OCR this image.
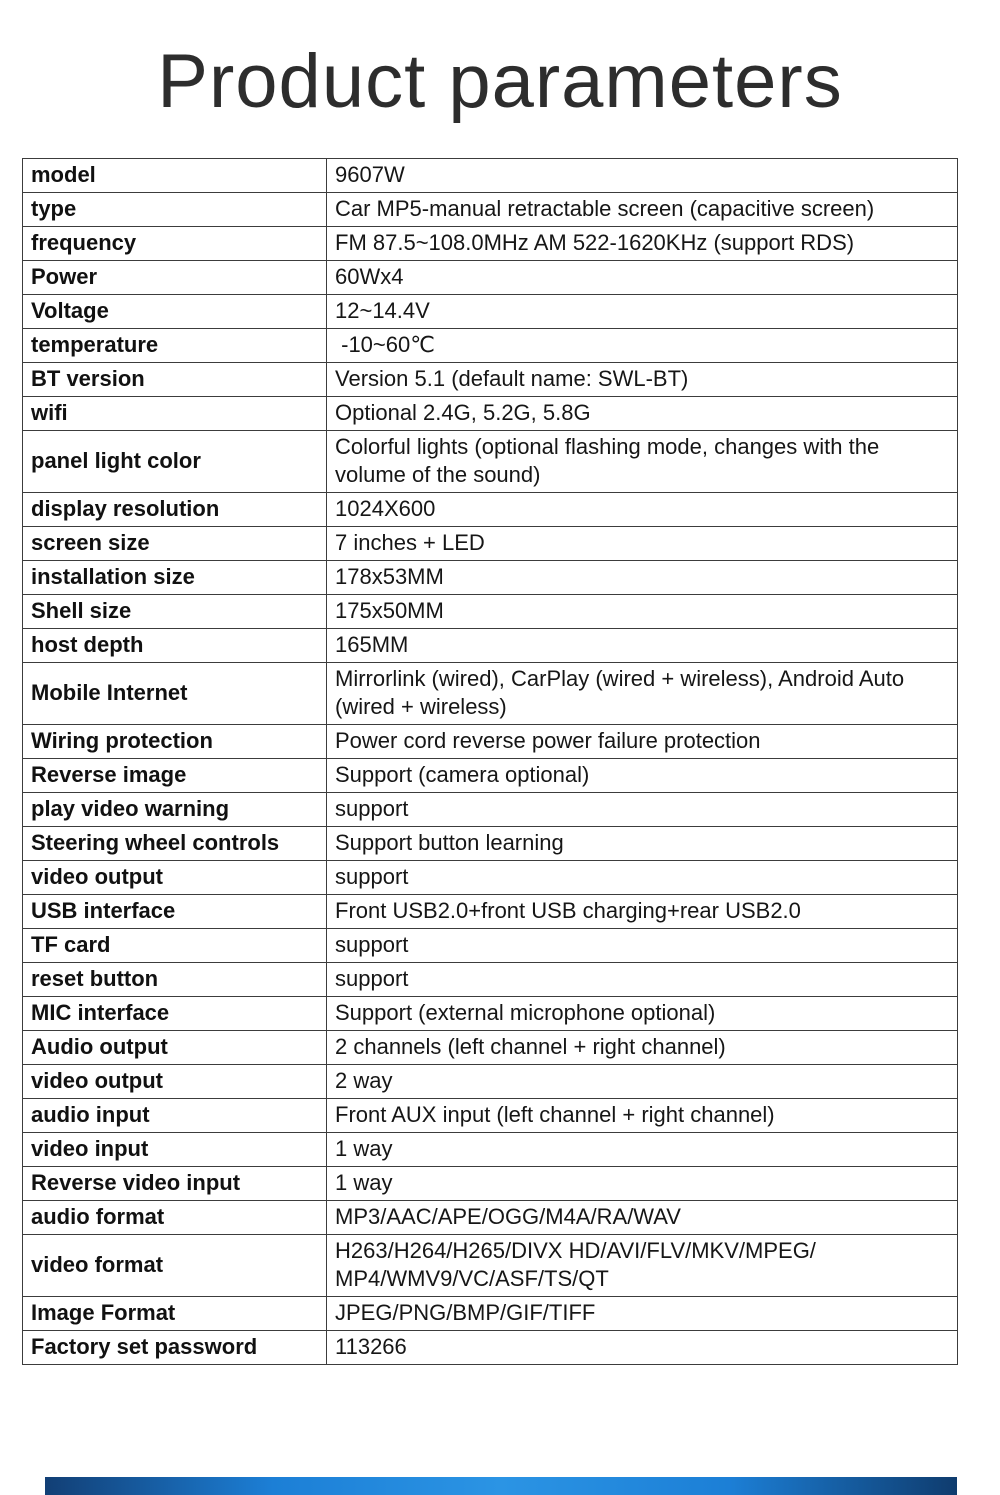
Product parameters
model	9607W
type	Car MP5-manual retractable screen (capacitive screen)
frequency	FM 87.5~108.0MHz AM 522-1620KHz (support RDS)
Power	60Wx4
Voltage	12~14.4V
temperature	-10~60℃
BT version	Version 5.1 (default name: SWL-BT)
wifi	Optional 2.4G, 5.2G, 5.8G
panel light color	Colorful lights (optional flashing mode, changes with the volume of the sound)
display resolution	1024X600
screen size	7 inches + LED
installation size	178x53MM
Shell size	175x50MM
host depth	165MM
Mobile Internet	Mirrorlink (wired), CarPlay (wired + wireless), Android Auto (wired + wireless)
Wiring protection	Power cord reverse power failure protection
Reverse image	Support (camera optional)
play video warning	support
Steering wheel controls	Support button learning
video output	support
USB interface	Front USB2.0+front USB charging+rear USB2.0
TF card	support
reset button	support
MIC interface	Support (external microphone optional)
Audio output	2 channels (left channel + right channel)
video output	2 way
audio input	Front AUX input (left channel + right channel)
video input	1 way
Reverse video input	1 way
audio format	MP3/AAC/APE/OGG/M4A/RA/WAV
video format	H263/H264/H265/DIVX HD/AVI/FLV/MKV/MPEG/ MP4/WMV9/VC/ASF/TS/QT
Image Format	JPEG/PNG/BMP/GIF/TIFF
Factory set password	113266
